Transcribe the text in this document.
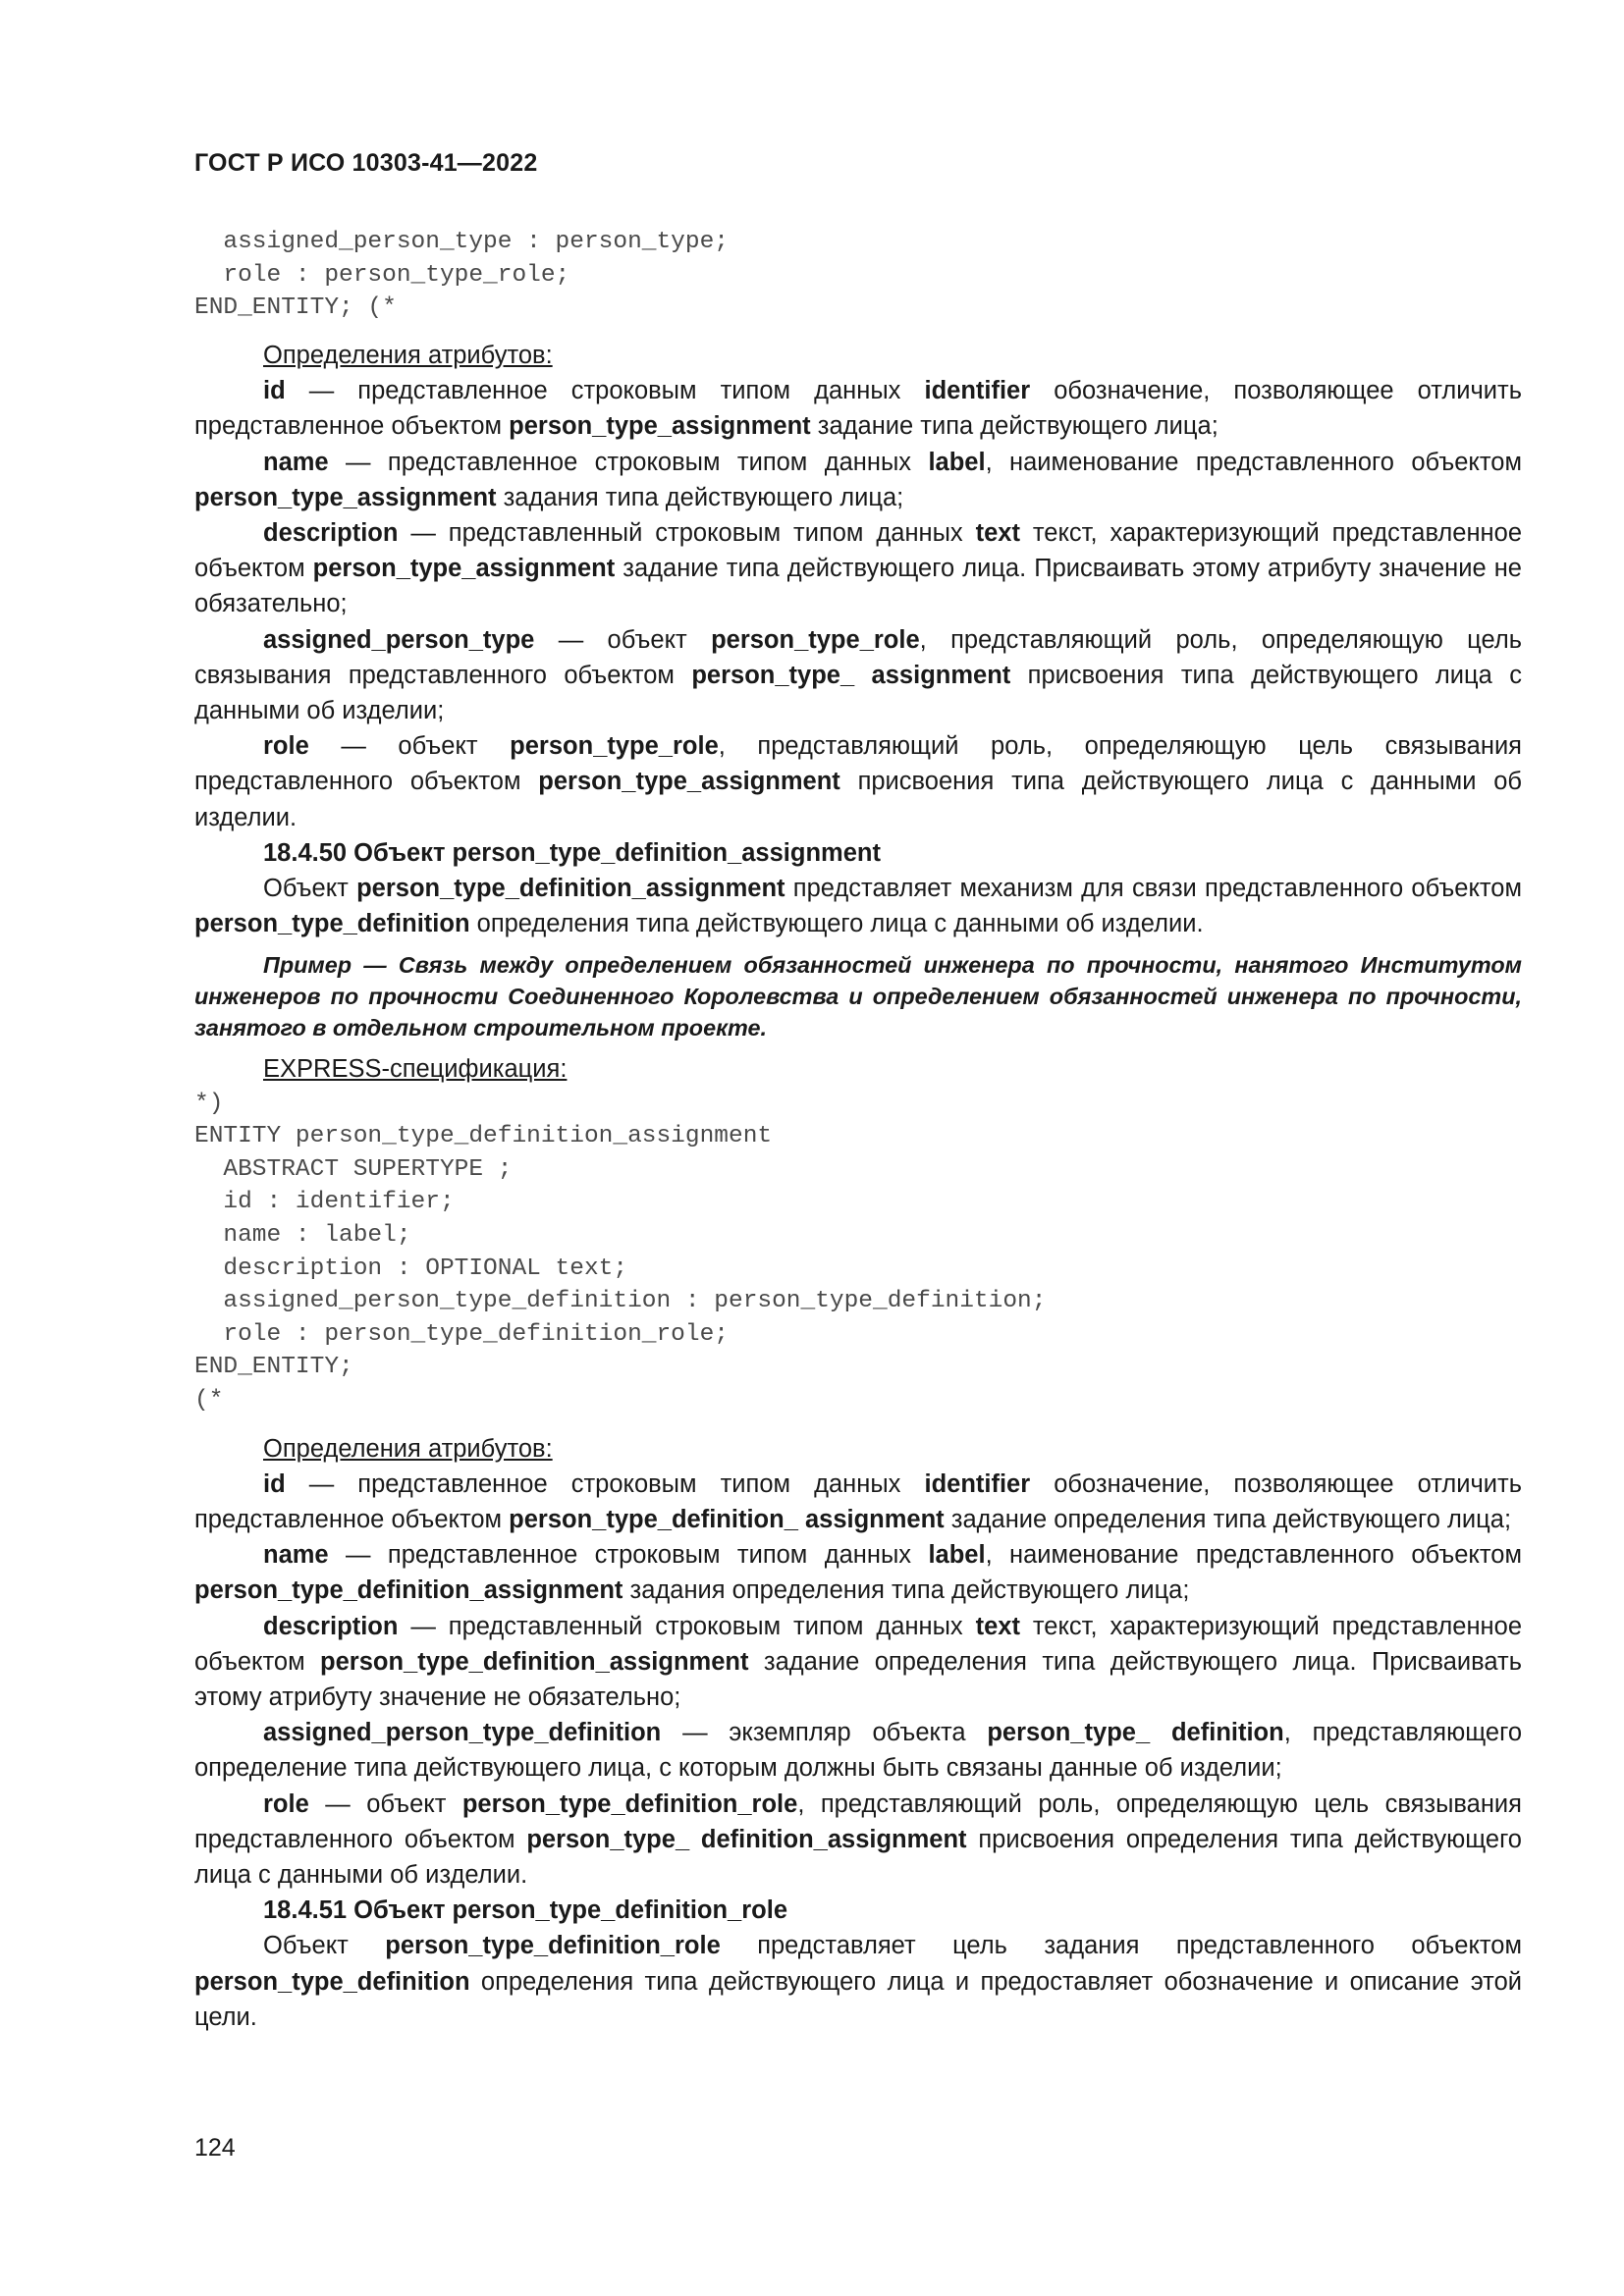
ГОСТ Р ИСО 10303-41—2022
assigned_person_type : person_type;
role : person_type_role;
END_ENTITY; (*

Определения атрибутов:

id — представленное строковым типом данных identifier обозначение, позволяющее отличить представленное объектом person_type_assignment задание типа действующего лица;

name — представленное строковым типом данных label, наименование представленного объектом person_type_assignment задания типа действующего лица;

description — представленный строковым типом данных text текст, характеризующий представленное объектом person_type_assignment задание типа действующего лица. Присваивать этому атрибуту значение не обязательно;

assigned_person_type — объект person_type_role, представляющий роль, определяющую цель связывания представленного объектом person_type_ assignment присвоения типа действующего лица с данными об изделии;

role — объект person_type_role, представляющий роль, определяющую цель связывания представленного объектом person_type_assignment присвоения типа действующего лица с данными об изделии.

18.4.50 Объект person_type_definition_assignment

Объект person_type_definition_assignment представляет механизм для связи представленного объектом person_type_definition определения типа действующего лица с данными об изделии.

Пример — Связь между определением обязанностей инженера по прочности, нанятого Институтом инженеров по прочности Соединенного Королевства и определением обязанностей инженера по прочности, занятого в отдельном строительном проекте.

EXPRESS-спецификация:

*)
ENTITY person_type_definition_assignment
ABSTRACT SUPERTYPE ;
id : identifier;
name : label;
description : OPTIONAL text;
assigned_person_type_definition : person_type_definition;
role : person_type_definition_role;
END_ENTITY;
(*

Определения атрибутов:

id — представленное строковым типом данных identifier обозначение, позволяющее отличить представленное объектом person_type_definition_ assignment задание определения типа действующего лица;

name — представленное строковым типом данных label, наименование представленного объектом person_type_definition_assignment задания определения типа действующего лица;

description — представленный строковым типом данных text текст, характеризующий представленное объектом person_type_definition_assignment задание определения типа действующего лица. Присваивать этому атрибуту значение не обязательно;

assigned_person_type_definition — экземпляр объекта person_type_ definition, представляющего определение типа действующего лица, с которым должны быть связаны данные об изделии;

role — объект person_type_definition_role, представляющий роль, определяющую цель связывания представленного объектом person_type_ definition_assignment присвоения определения типа действующего лица с данными об изделии.

18.4.51 Объект person_type_definition_role

Объект person_type_definition_role представляет цель задания представленного объектом person_type_definition определения типа действующего лица и предоставляет обозначение и описание этой цели.

124
